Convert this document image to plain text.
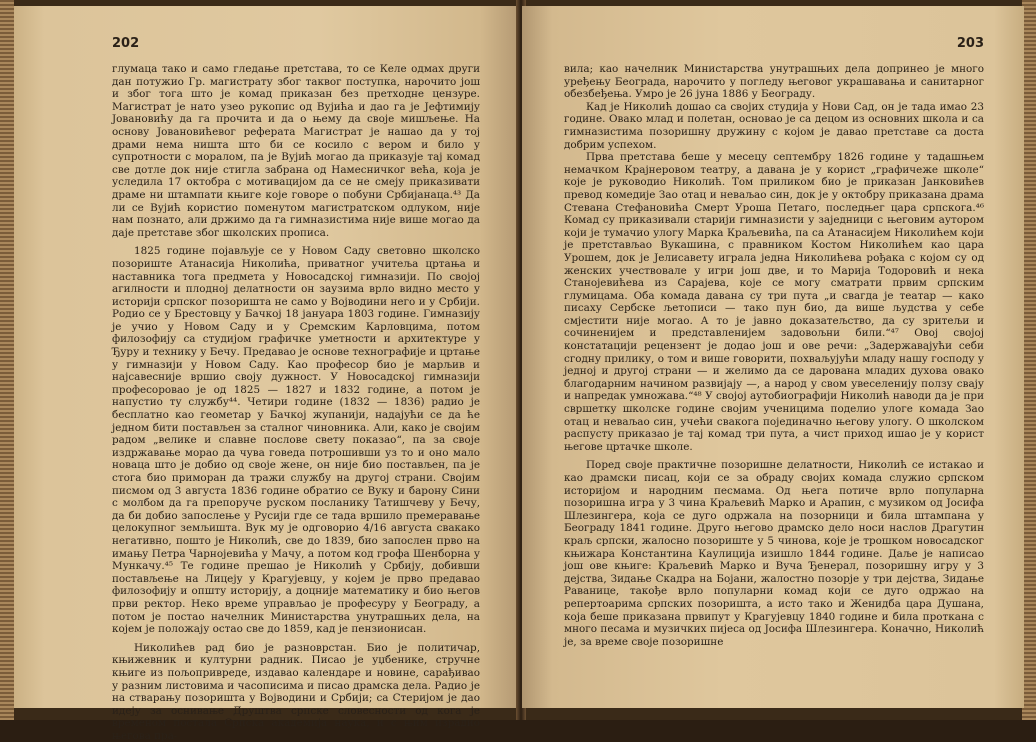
202

глумаца тако и само гледање претстава, то се Келе одмах други дан потужио Гр. магистрату због таквог поступка, нарочито још и због тога што је комад приказан без претходне цензуре. Магистрат је нато узео рукопис од Вујића и дао га је Јефтимију Јовановићу да га прочита и да о њему да своје мишљење. На основу Јовановићевог реферата Магистрат је нашао да у тој драми нема ништа што би се косило с вером и било у супротности с моралом, па је Вујић могао да приказује тај комад све дотле док није стигла забрана од Намесничког већа, која је уследила 17 октобра с мотивацијом да се не смеју приказивати драме ни штампати књиге које говоре о побуни Србијанаца.⁴³ Да ли се Вујић користио поменутом магистратском одлуком, није нам познато, али држимо да га гимназистима није више могао да даје претставе због школских прописа.

1825 године појављује се у Новом Саду световно школско позориште Атанасија Николића, приватног учитеља цртања и наставника тога предмета у Новосадској гимназији. По својој агилности и плодној делатности он заузима врло видно место у историји српског позоришта не само у Војводини него и у Србији. Родио се у Брестовцу у Бачкој 18 јануара 1803 године. Гимназију је учио у Новом Саду и у Сремским Карловцима, потом филозофију са студијом графичке уметности и архитектуре у Ђуру и технику у Бечу. Предавао је основе технографије и цртање у гимназији у Новом Саду. Као професор био је марљив и најсавесније вршио своју дужност. У Новосадској гимназији професоровао је од 1825 — 1827 и 1832 године, а потом је напустио ту службу⁴⁴. Четири године (1832 — 1836) радио је бесплатно као геометар у Бачкој жупанији, надајући се да ће једном бити постављен за сталног чиновника. Али, како је својим радом „велике и славне послове свету показао“, па за своје издржавање морао да чува говеда потрошивши уз то и оно мало новаца што је добио од своје жене, он није био постављен, па је стога био приморан да тражи службу на другој страни. Својим писмом од 3 августа 1836 године обратио се Вуку и барону Сини с молбом да га препоруче руском посланику Татишчеву у Бечу, да би добио запослење у Русији где се тада вршило премеравање целокупног земљишта. Вук му је одговорио 4/16 августа свакако негативно, пошто је Николић, све до 1839, био запослен прво на имању Петра Чарнојевића у Мачу, а потом код грофа Шенборна у Мункачу.⁴⁵ Те године прешао је Николић у Србију, добивши постављење на Лицеју у Крагујевцу, у којем је прво предавао филозофију и општу историју, а доцније математику и био његов први ректор. Неко време управљао је професуру у Београду, а потом је постао начелник Министарства унутрашњих дела, на којем је положају остао све до 1859, кад је пензионисан.

Николићев рад био је разноврстан. Био је политичар, књижевник и културни радник. Писао је уџбенике, стручне књиге из пољопривреде, издавао календаре и новине, сарађивао у разним листовима и часописима и писао драмска дела. Радио је на стварању позоришта у Војводини и Србији; са Стеријом је дао идеју за оснивање Друштва српске словесности од кога је временом постала Српска академија наука, и с њим израдио његова пра-

203

вила; као начелник Министарства унутрашњих дела допринео је много уређењу Београда, нарочито у погледу његовог украшавања и санитарног обезбеђења. Умро је 26 јуна 1886 у Београду.

Кад је Николић дошао са својих студија у Нови Сад, он је тада имао 23 године. Овако млад и полетан, основао је са децом из основних школа и са гимназистима позоришну дружину с којом је давао претставе са доста добрим успехом.

Прва претстава беше у месецу септембру 1826 године у тадашњем немачком Крајнеровом театру, а давана је у корист „графичеже школе“ које је руководио Николић. Том приликом био је приказан Јанковићев превод комедије Зао отац и неваљао син, док је у октобру приказана драма Стевана Стефановића Смерт Уроша Петаго, последњег цара српскога.⁴⁶ Комад су приказивали старији гимназисти у заједници с његовим аутором који је тумачио улогу Марка Краљевића, па са Атанасијем Николићем који је претстављао Вукашина, с правником Костом Николићем као цара Урошем, док је Јелисавету играла једна Николићева рођака с којом су од женских учествовале у игри још две, и то Марија Тодоровић и нека Станојевићева из Сарајева, које се могу сматрати првим српским глумицама. Оба комада давана су три пута „и свагда је театар — како писаху Сербске љетописи — тако пун био, да више људства у себе смјестити није могао. А то је јавно доказатељство, да су зритељи и сочинениjем и представленијем задовољни били.“⁴⁷ Овој својој констатацији рецензент је додао још и ове речи: „Задержавајући себи сгодну прилику, о том и више говорити, похваљујући младу нашу господу у једној и другој страни — и желимо да се дарована младих духова овако благодарним начином развијају —, а народ у свом увеселенију ползу свају и напредак умножава.“⁴⁸ У својој аутобиографији Николић наводи да је при свршетку школске године својим ученицима поделио улоге комада Зао отац и неваљао син, учећи свакога појединачно његову улогу. О школском распусту приказао је тај комад три пута, а чист приход ишао је у корист његове цртачке школе.

Поред своје практичне позоришне делатности, Николић се истакао и као драмски писац, који се за обраду својих комада служио српском историјом и народним песмама. Од њега потиче врло популарна позоришна игра у 3 чина Краљевић Марко и Арапин, с музиком од Јосифа Шлезингера, која се дуго одржала на позорници и била штампана у Београду 1841 године. Друго његово драмско дело носи наслов Драгутин краљ српски, жалосно позориште у 5 чинова, које је трошком новосадског књижара Константина Каулиција изишло 1844 године. Даље је написао још ове књиге: Краљевић Марко и Вуча Ђенерал, позоришну игру у 3 дејства, Зидање Скадра на Бојани, жалостно позорје у три дејства, Зидање Раванице, такође врло популарни комад који се дуго одржао на репертоарима српских позоришта, а исто тако и Женидба цара Душана, која беше приказана првипут у Крагујевцу 1840 године и била проткана с много песама и музичких пијеса од Јосифа Шлезингера. Коначно, Николић је, за време своје позоришне
